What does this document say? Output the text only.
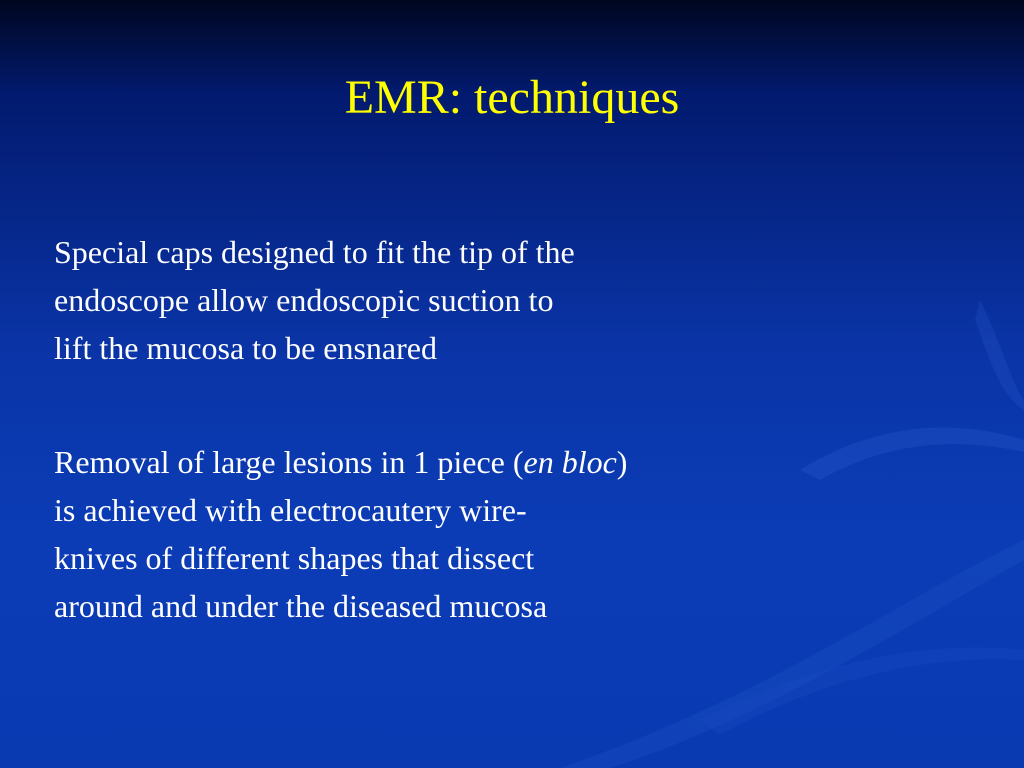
EMR: techniques

Special caps designed to fit the tip of the
endoscope allow endoscopic suction to
lift the mucosa to be ensnared

Removal of large lesions in 1 piece (en bloc)
is achieved with electrocautery wire-
knives of different shapes that dissect
around and under the diseased mucosa
